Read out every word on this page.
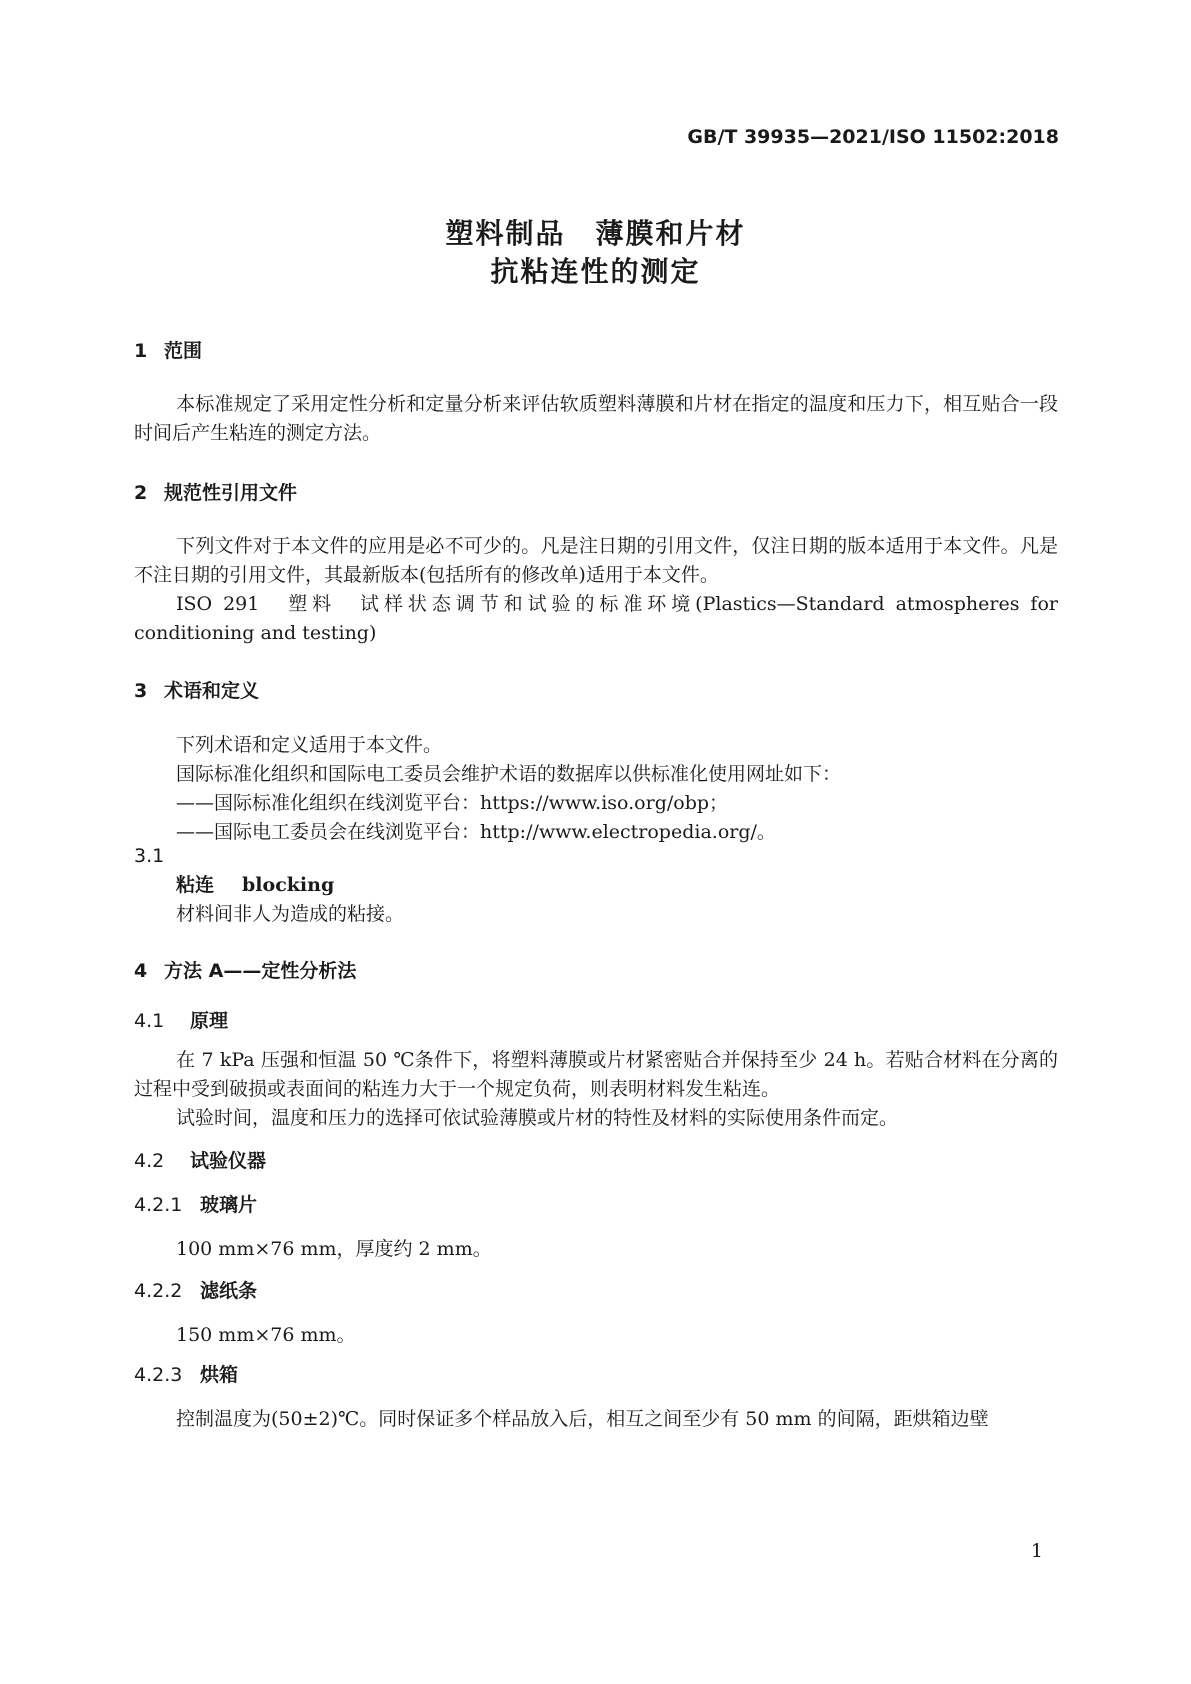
GB/T 39935—2021/ISO 11502:2018
塑料制品　薄膜和片材
抗粘连性的测定
1 范围
本标准规定了采用定性分析和定量分析来评估软质塑料薄膜和片材在指定的温度和压力下，相互贴合一段时间后产生粘连的测定方法。
2 规范性引用文件
下列文件对于本文件的应用是必不可少的。凡是注日期的引用文件，仅注日期的版本适用于本文件。凡是不注日期的引用文件，其最新版本(包括所有的修改单)适用于本文件。
ISO 291　塑料　试样状态调节和试验的标准环境(Plastics—Standard atmospheres for conditioning and testing)
3 术语和定义
下列术语和定义适用于本文件。
国际标准化组织和国际电工委员会维护术语的数据库以供标准化使用网址如下：
——国际标准化组织在线浏览平台：https://www.iso.org/obp；
——国际电工委员会在线浏览平台：http://www.electropedia.org/。
3.1
粘连 blocking
材料间非人为造成的粘接。
4 方法 A——定性分析法
4.1 原理
在 7 kPa 压强和恒温 50 ℃条件下，将塑料薄膜或片材紧密贴合并保持至少 24 h。若贴合材料在分离的过程中受到破损或表面间的粘连力大于一个规定负荷，则表明材料发生粘连。
试验时间，温度和压力的选择可依试验薄膜或片材的特性及材料的实际使用条件而定。
4.2 试验仪器
4.2.1 玻璃片
100 mm×76 mm，厚度约 2 mm。
4.2.2 滤纸条
150 mm×76 mm。
4.2.3 烘箱
控制温度为(50±2)℃。同时保证多个样品放入后，相互之间至少有 50 mm 的间隔，距烘箱边壁
1
